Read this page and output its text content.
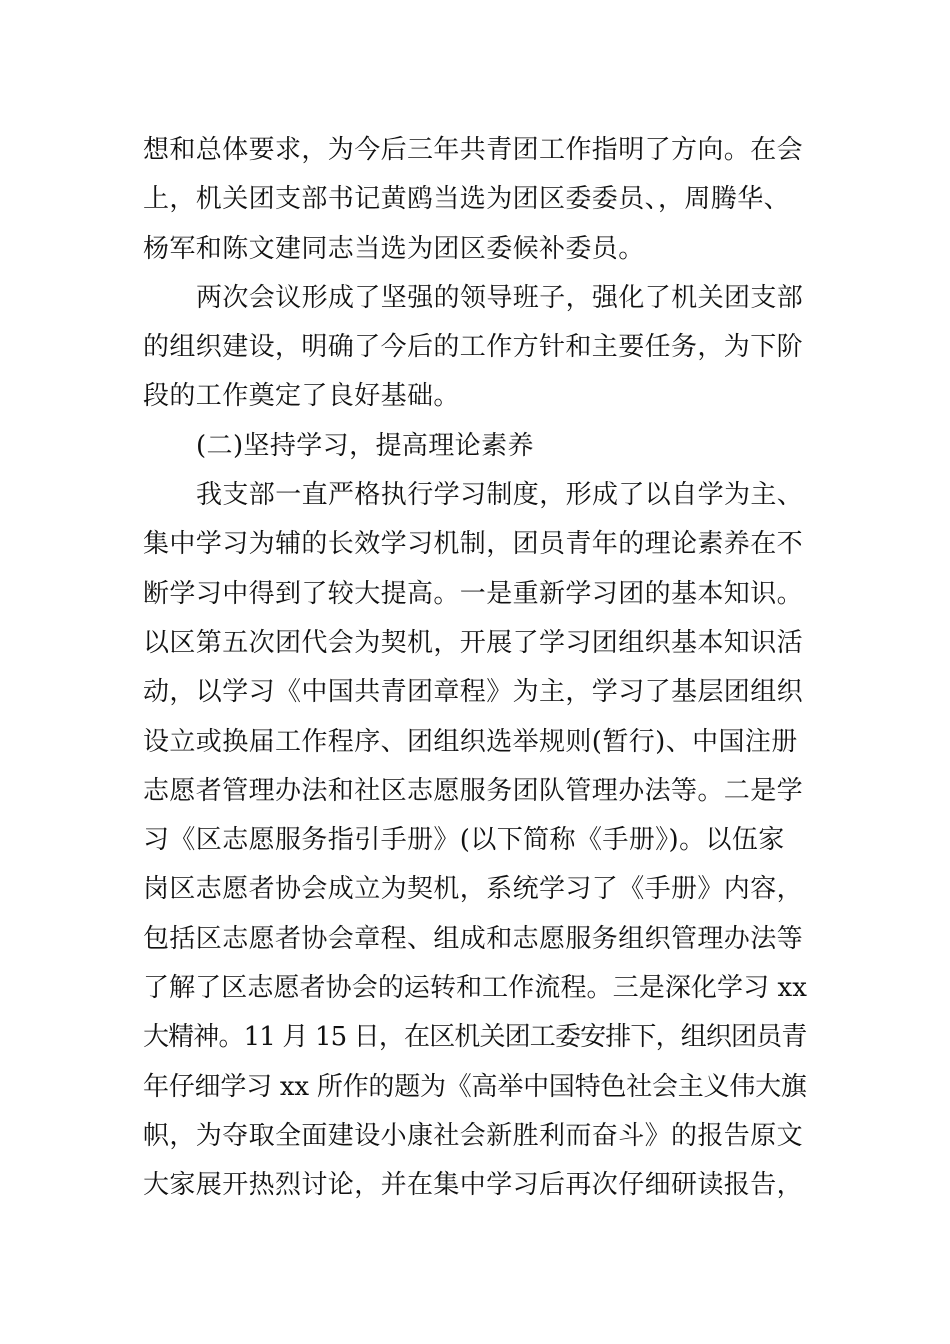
想和总体要求，为今后三年共青团工作指明了方向。在会
上，机关团支部书记黄鸥当选为团区委委员、，周腾华、
杨军和陈文建同志当选为团区委候补委员。
两次会议形成了坚强的领导班子，强化了机关团支部
的组织建设，明确了今后的工作方针和主要任务，为下阶
段的工作奠定了良好基础。
(二)坚持学习，提高理论素养
我支部一直严格执行学习制度，形成了以自学为主、
集中学习为辅的长效学习机制，团员青年的理论素养在不
断学习中得到了较大提高。一是重新学习团的基本知识。
以区第五次团代会为契机，开展了学习团组织基本知识活
动，以学习《中国共青团章程》为主，学习了基层团组织
设立或换届工作程序、团组织选举规则(暂行)、中国注册
志愿者管理办法和社区志愿服务团队管理办法等。二是学
习《区志愿服务指引手册》(以下简称《手册》)。以伍家
岗区志愿者协会成立为契机，系统学习了《手册》内容，
包括区志愿者协会章程、组成和志愿服务组织管理办法等
了解了区志愿者协会的运转和工作流程。三是深化学习 xx
大精神。11 月 15 日，在区机关团工委安排下，组织团员青
年仔细学习 xx 所作的题为《高举中国特色社会主义伟大旗
帜，为夺取全面建设小康社会新胜利而奋斗》的报告原文
大家展开热烈讨论，并在集中学习后再次仔细研读报告，
